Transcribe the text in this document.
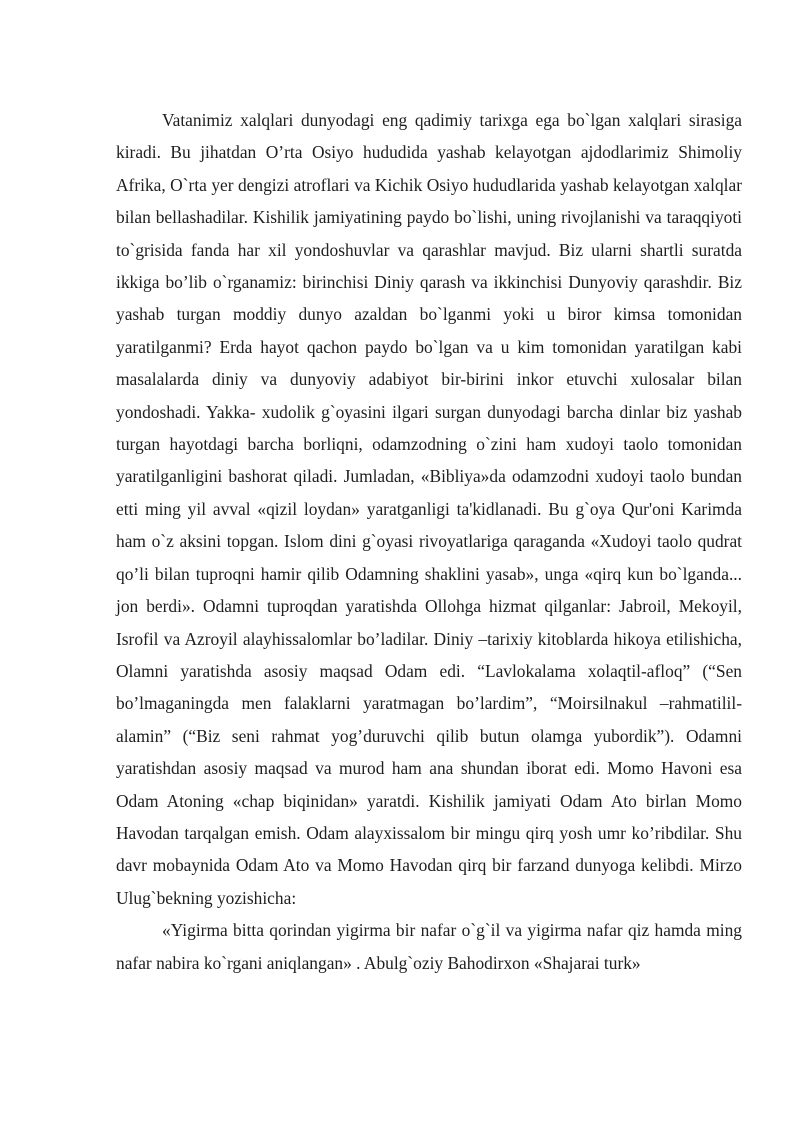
Vatanimiz xalqlari dunyodagi eng qadimiy tarixga ega bo`lgan xalqlari sirasiga kiradi. Bu jihatdan O’rta Osiyo hududida yashab kelayotgan ajdodlarimiz Shimoliy Afrika, O`rta yer dengizi atroflari va Kichik Osiyo hududlarida yashab kelayotgan xalqlar bilan bellashadilar. Kishilik jamiyatining paydo bo`lishi, uning rivojlanishi va taraqqiyoti to`grisida fanda har xil yondoshuvlar va qarashlar mavjud. Biz ularni shartli suratda ikkiga bo’lib o`rganamiz: birinchisi Diniy qarash va ikkinchisi Dunyoviy qarashdir. Biz yashab turgan moddiy dunyo azaldan bo`lganmi yoki u biror kimsa tomonidan yaratilganmi? Erda hayot qachon paydo bo`lgan va u kim tomonidan yaratilgan kabi masalalarda diniy va dunyoviy adabiyot bir-birini inkor etuvchi xulosalar bilan yondoshadi. Yakka- xudolik g`oyasini ilgari surgan dunyodagi barcha dinlar biz yashab turgan hayotdagi barcha borliqni, odamzodning o`zini ham xudoyi taolo tomonidan yaratilganligini bashorat qiladi. Jumladan, «Bibliya»da odamzodni xudoyi taolo bundan etti ming yil avval «qizil loydan» yaratganligi ta'kidlanadi. Bu g`oya Qur'oni Karimda ham o`z aksini topgan. Islom dini g`oyasi rivoyatlariga qaraganda «Xudoyi taolo qudrat qo’li bilan tuproqni hamir qilib Odamning shaklini yasab», unga «qirq kun bo`lganda... jon berdi». Odamni tuproqdan yaratishda Ollohga hizmat qilganlar: Jabroil, Mekoyil, Isrofil va Azroyil alayhissalomlar bo’ladilar. Diniy –tarixiy kitoblarda hikoya etilishicha, Olamni yaratishda asosiy maqsad Odam edi. “Lavlokalama xolaqtil-afloq” (“Sen bo’lmaganingda men falaklarni yaratmagan bo’lardim”, “Moirsilnakul –rahmatilil-alamin” (“Biz seni rahmat yog’duruvchi qilib butun olamga yubordik”). Odamni yaratishdan asosiy maqsad va murod ham ana shundan iborat edi. Momo Havoni esa Odam Atoning «chap biqinidan» yaratdi. Kishilik jamiyati Odam Ato birlan Momo Havodan tarqalgan emish. Odam alayxissalom bir mingu qirq yosh umr ko’ribdilar. Shu davr mobaynida Odam Ato va Momo Havodan qirq bir farzand dunyoga kelibdi. Mirzo Ulug`bekning yozishicha:

«Yigirma bitta qorindan yigirma bir nafar o`g`il va yigirma nafar qiz hamda ming nafar nabira ko`rgani aniqlangan» . Abulg`oziy Bahodirxon «Shajarai turk»
